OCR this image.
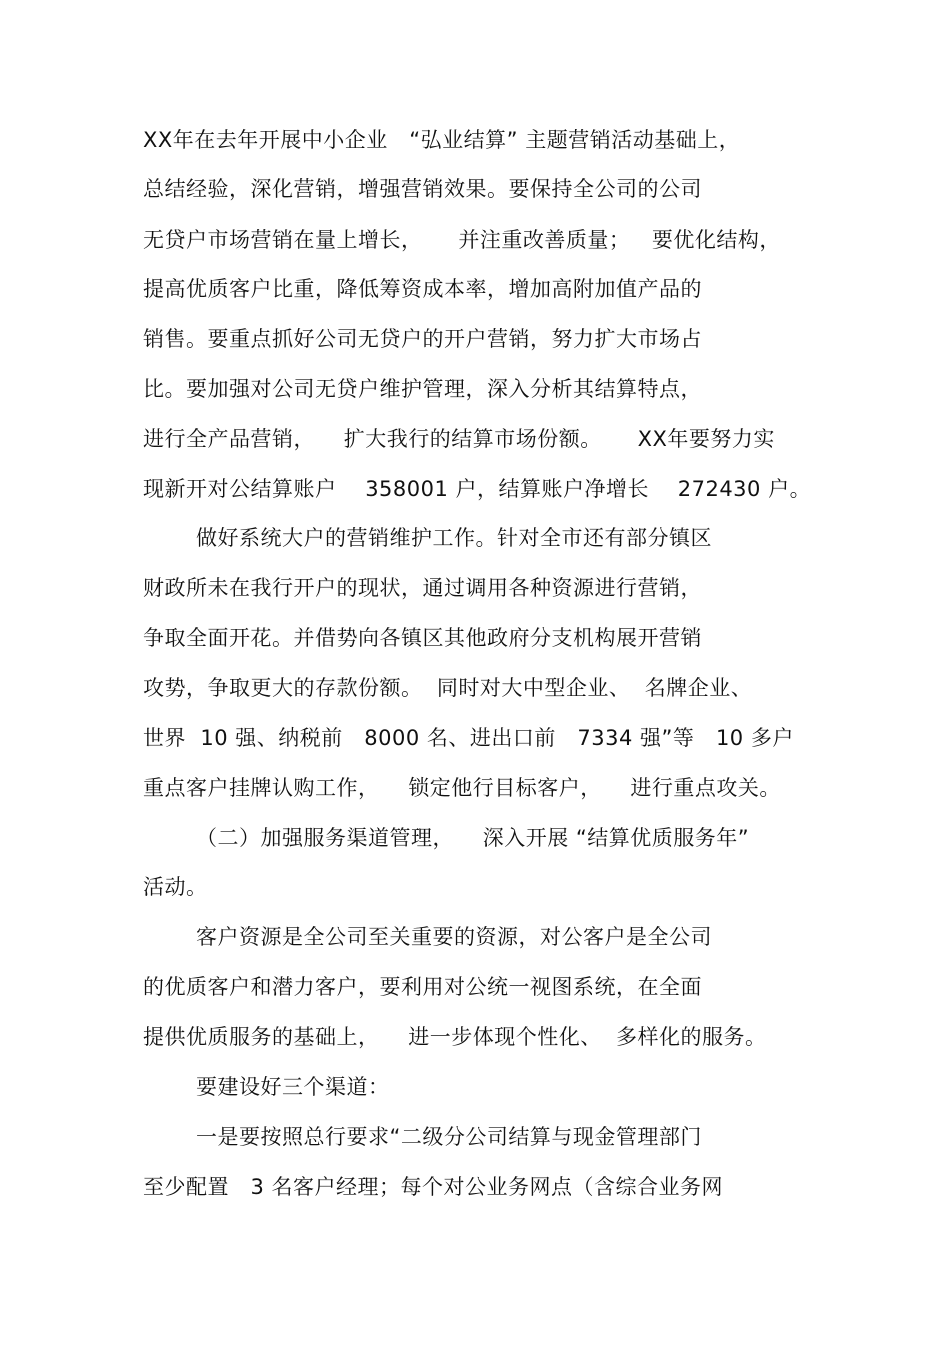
XX年在去年开展中小企业   “弘业结算” 主题营销活动基础上，
总结经验，深化营销，增强营销效果。要保持全公司的公司
无贷户市场营销在量上增长，     并注重改善质量；   要优化结构，
提高优质客户比重，降低筹资成本率，增加高附加值产品的
销售。要重点抓好公司无贷户的开户营销，努力扩大市场占
比。要加强对公司无贷户维护管理，深入分析其结算特点，
进行全产品营销，    扩大我行的结算市场份额。     XX年要努力实
现新开对公结算账户    358001 户，结算账户净增长    272430 户。
做好系统大户的营销维护工作。针对全市还有部分镇区
财政所未在我行开户的现状，通过调用各种资源进行营销，
争取全面开花。并借势向各镇区其他政府分支机构展开营销
攻势，争取更大的存款份额。  同时对大中型企业、  名牌企业、
世界  10 强、纳税前   8000 名、进出口前   7334 强”等   10 多户
重点客户挂牌认购工作，    锁定他行目标客户，    进行重点攻关。
（二）加强服务渠道管理，    深入开展 “结算优质服务年”
活动。
客户资源是全公司至关重要的资源，对公客户是全公司
的优质客户和潜力客户，要利用对公统一视图系统，在全面
提供优质服务的基础上，    进一步体现个性化、  多样化的服务。
要建设好三个渠道：
一是要按照总行要求“二级分公司结算与现金管理部门
至少配置   3 名客户经理；每个对公业务网点（含综合业务网
